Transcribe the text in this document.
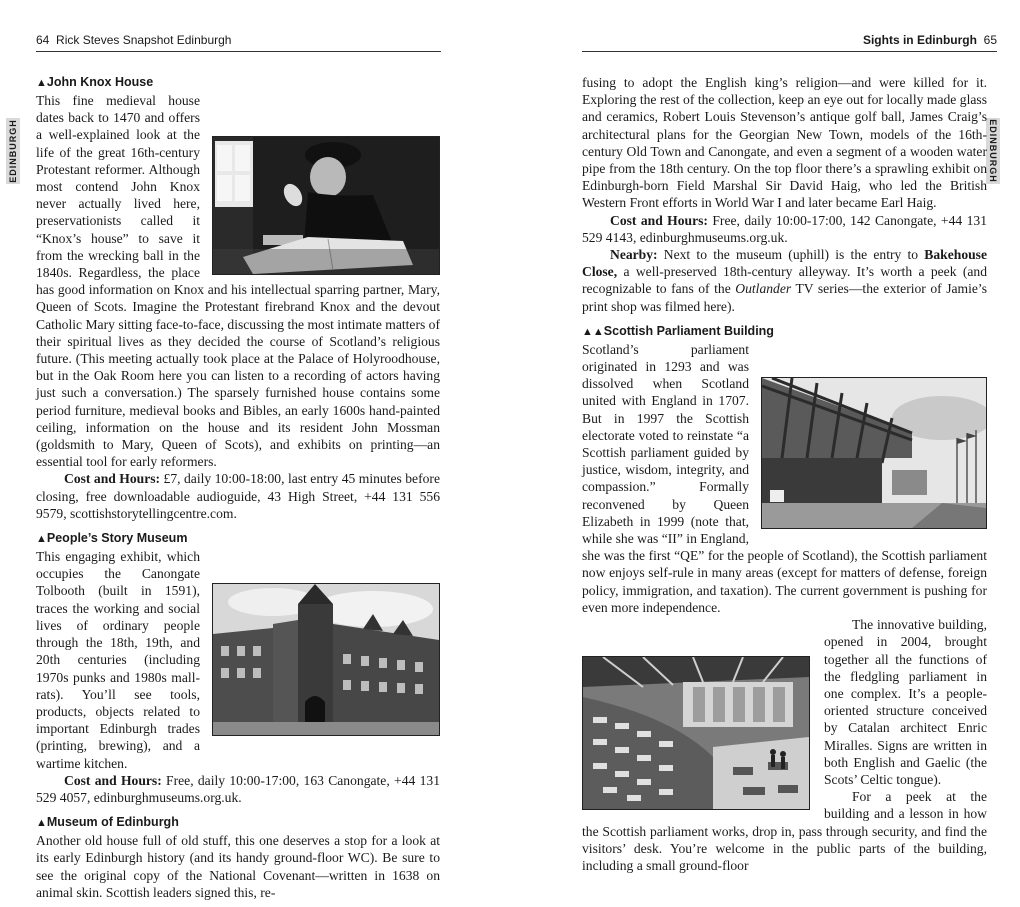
64 Rick Steves Snapshot Edinburgh
EDINBURGH
▲John Knox House

This fine medieval house dates back to 1470 and offers a well-explained look at the life of the great 16th-century Protestant reformer. Although most contend John Knox never actually lived here, preservationists called it “Knox’s house” to save it from the wrecking ball in the 1840s. Regardless, the place has good information on Knox and his intellectual sparring partner, Mary, Queen of Scots. Imagine the Protestant firebrand Knox and the devout Catholic Mary sitting face-to-face, discussing the most intimate matters of their spiritual lives as they decided the course of Scotland’s religious future. (This meeting actually took place at the Palace of Holyroodhouse, but in the Oak Room here you can listen to a recording of actors having just such a conversation.) The sparsely furnished house contains some period furniture, medieval books and Bibles, an early 1600s hand-painted ceiling, information on the house and its resident John Mossman (goldsmith to Mary, Queen of Scots), and exhibits on printing—an essential tool for early reformers.

Cost and Hours: £7, daily 10:00-18:00, last entry 45 minutes before closing, free downloadable audioguide, 43 High Street, +44 131 556 9579, scottishstorytellingcentre.com.

▲People’s Story Museum

This engaging exhibit, which occupies the Canongate Tolbooth (built in 1591), traces the working and social lives of ordinary people through the 18th, 19th, and 20th centuries (including 1970s punks and 1980s mall-rats). You’ll see tools, products, objects related to important Edinburgh trades (printing, brewing), and a wartime kitchen.

Cost and Hours: Free, daily 10:00-17:00, 163 Canongate, +44 131 529 4057, edinburghmuseums.org.uk.

▲Museum of Edinburgh

Another old house full of old stuff, this one deserves a stop for a look at its early Edinburgh history (and its handy ground-floor WC). Be sure to see the original copy of the National Covenant—written in 1638 on animal skin. Scottish leaders signed this, re-

Sights in Edinburgh 65
EDINBURGH

fusing to adopt the English king’s religion—and were killed for it. Exploring the rest of the collection, keep an eye out for locally made glass and ceramics, Robert Louis Stevenson’s antique golf ball, James Craig’s architectural plans for the Georgian New Town, models of the 16th-century Old Town and Canongate, and even a segment of a wooden water pipe from the 18th century. On the top floor there’s a sprawling exhibit on Edinburgh-born Field Marshal Sir David Haig, who led the British Western Front efforts in World War I and later became Earl Haig.

Cost and Hours: Free, daily 10:00-17:00, 142 Canongate, +44 131 529 4143, edinburghmuseums.org.uk.

Nearby: Next to the museum (uphill) is the entry to Bakehouse Close, a well-preserved 18th-century alleyway. It’s worth a peek (and recognizable to fans of the Outlander TV series—the exterior of Jamie’s print shop was filmed here).

▲▲Scottish Parliament Building

Scotland’s parliament originated in 1293 and was dissolved when Scotland united with England in 1707. But in 1997 the Scottish electorate voted to reinstate “a Scottish parliament guided by justice, wisdom, integrity, and compassion.” Formally reconvened by Queen Elizabeth in 1999 (note that, while she was “II” in England, she was the first “QE” for the people of Scotland), the Scottish parliament now enjoys self-rule in many areas (except for matters of defense, foreign policy, immigration, and taxation). The current government is pushing for even more independence.

The innovative building, opened in 2004, brought together all the functions of the fledgling parliament in one complex. It’s a people-oriented structure conceived by Catalan architect Enric Miralles. Signs are written in both English and Gaelic (the Scots’ Celtic tongue).

For a peek at the building and a lesson in how the Scottish parliament works, drop in, pass through security, and find the visitors’ desk. You’re welcome in the public parts of the building, including a small ground-floor
